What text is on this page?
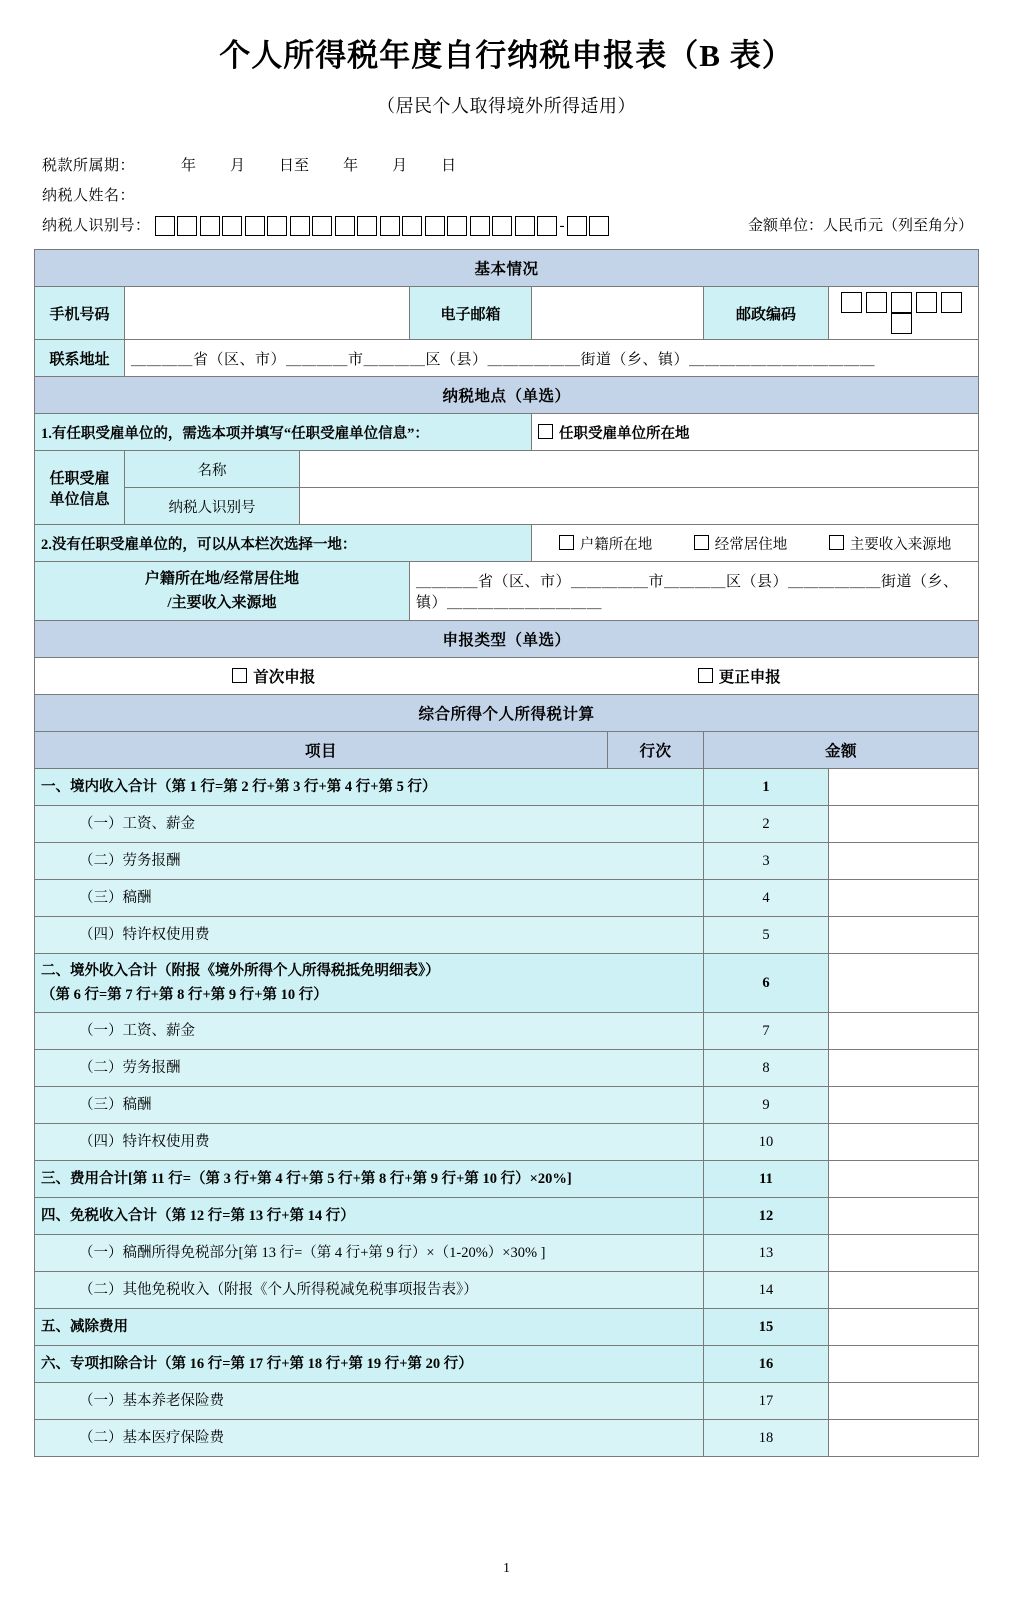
个人所得税年度自行纳税申报表（B 表）
（居民个人取得境外所得适用）
税款所属期：	年 月 日至 年 月 日
纳税人姓名：
纳税人识别号：	-	金额单位：人民币元（列至角分）
基本情况							
手机号码			电子邮箱			邮政编码	
联系地址	＿＿＿＿省（区、市）＿＿＿＿市＿＿＿＿区（县）＿＿＿＿＿＿街道（乡、镇）＿＿＿＿＿＿＿＿＿＿＿＿						
纳税地点（单选）							
1.有任职受雇单位的，需选本项并填写“任职受雇单位信息”：				任职受雇单位所在地			

任职受雇
单位信息	名称						
	纳税人识别号						
2.没有任职受雇单位的，可以从本栏次选择一地：				户籍所在地 经常居住地 主要收入来源地			

户籍所在地/经常居住地
/主要收入来源地			＿＿＿＿省（区、市）＿＿＿＿＿市＿＿＿＿区（县）＿＿＿＿＿＿街道（乡、镇）＿＿＿＿＿＿＿＿＿＿				
申报类型（单选）							

首次申报 更正申报							

综合所得个人所得税计算							
项目					行次	金额	
一、境内收入合计（第 1 行=第 2 行+第 3 行+第 4 行+第 5 行）	1	

（一）工资、薪金	2	

（二）劳务报酬	3	

（三）稿酬	4	

（四）特许权使用费	5	

二、境外收入合计（附报《境外所得个人所得税抵免明细表》）
（第 6 行=第 7 行+第 8 行+第 9 行+第 10 行）	6	

（一）工资、薪金	7	

（二）劳务报酬	8	

（三）稿酬	9	

（四）特许权使用费	10	

三、费用合计[第 11 行=（第 3 行+第 4 行+第 5 行+第 8 行+第 9 行+第 10 行）×20%]	11	

四、免税收入合计（第 12 行=第 13 行+第 14 行）	12	

（一）稿酬所得免税部分[第 13 行=（第 4 行+第 9 行）×（1-20%）×30% ]	13	

（二）其他免税收入（附报《个人所得税减免税事项报告表》）	14	

五、减除费用	15	

六、专项扣除合计（第 16 行=第 17 行+第 18 行+第 19 行+第 20 行）	16	

（一）基本养老保险费	17	

（二）基本医疗保险费	18	
1
